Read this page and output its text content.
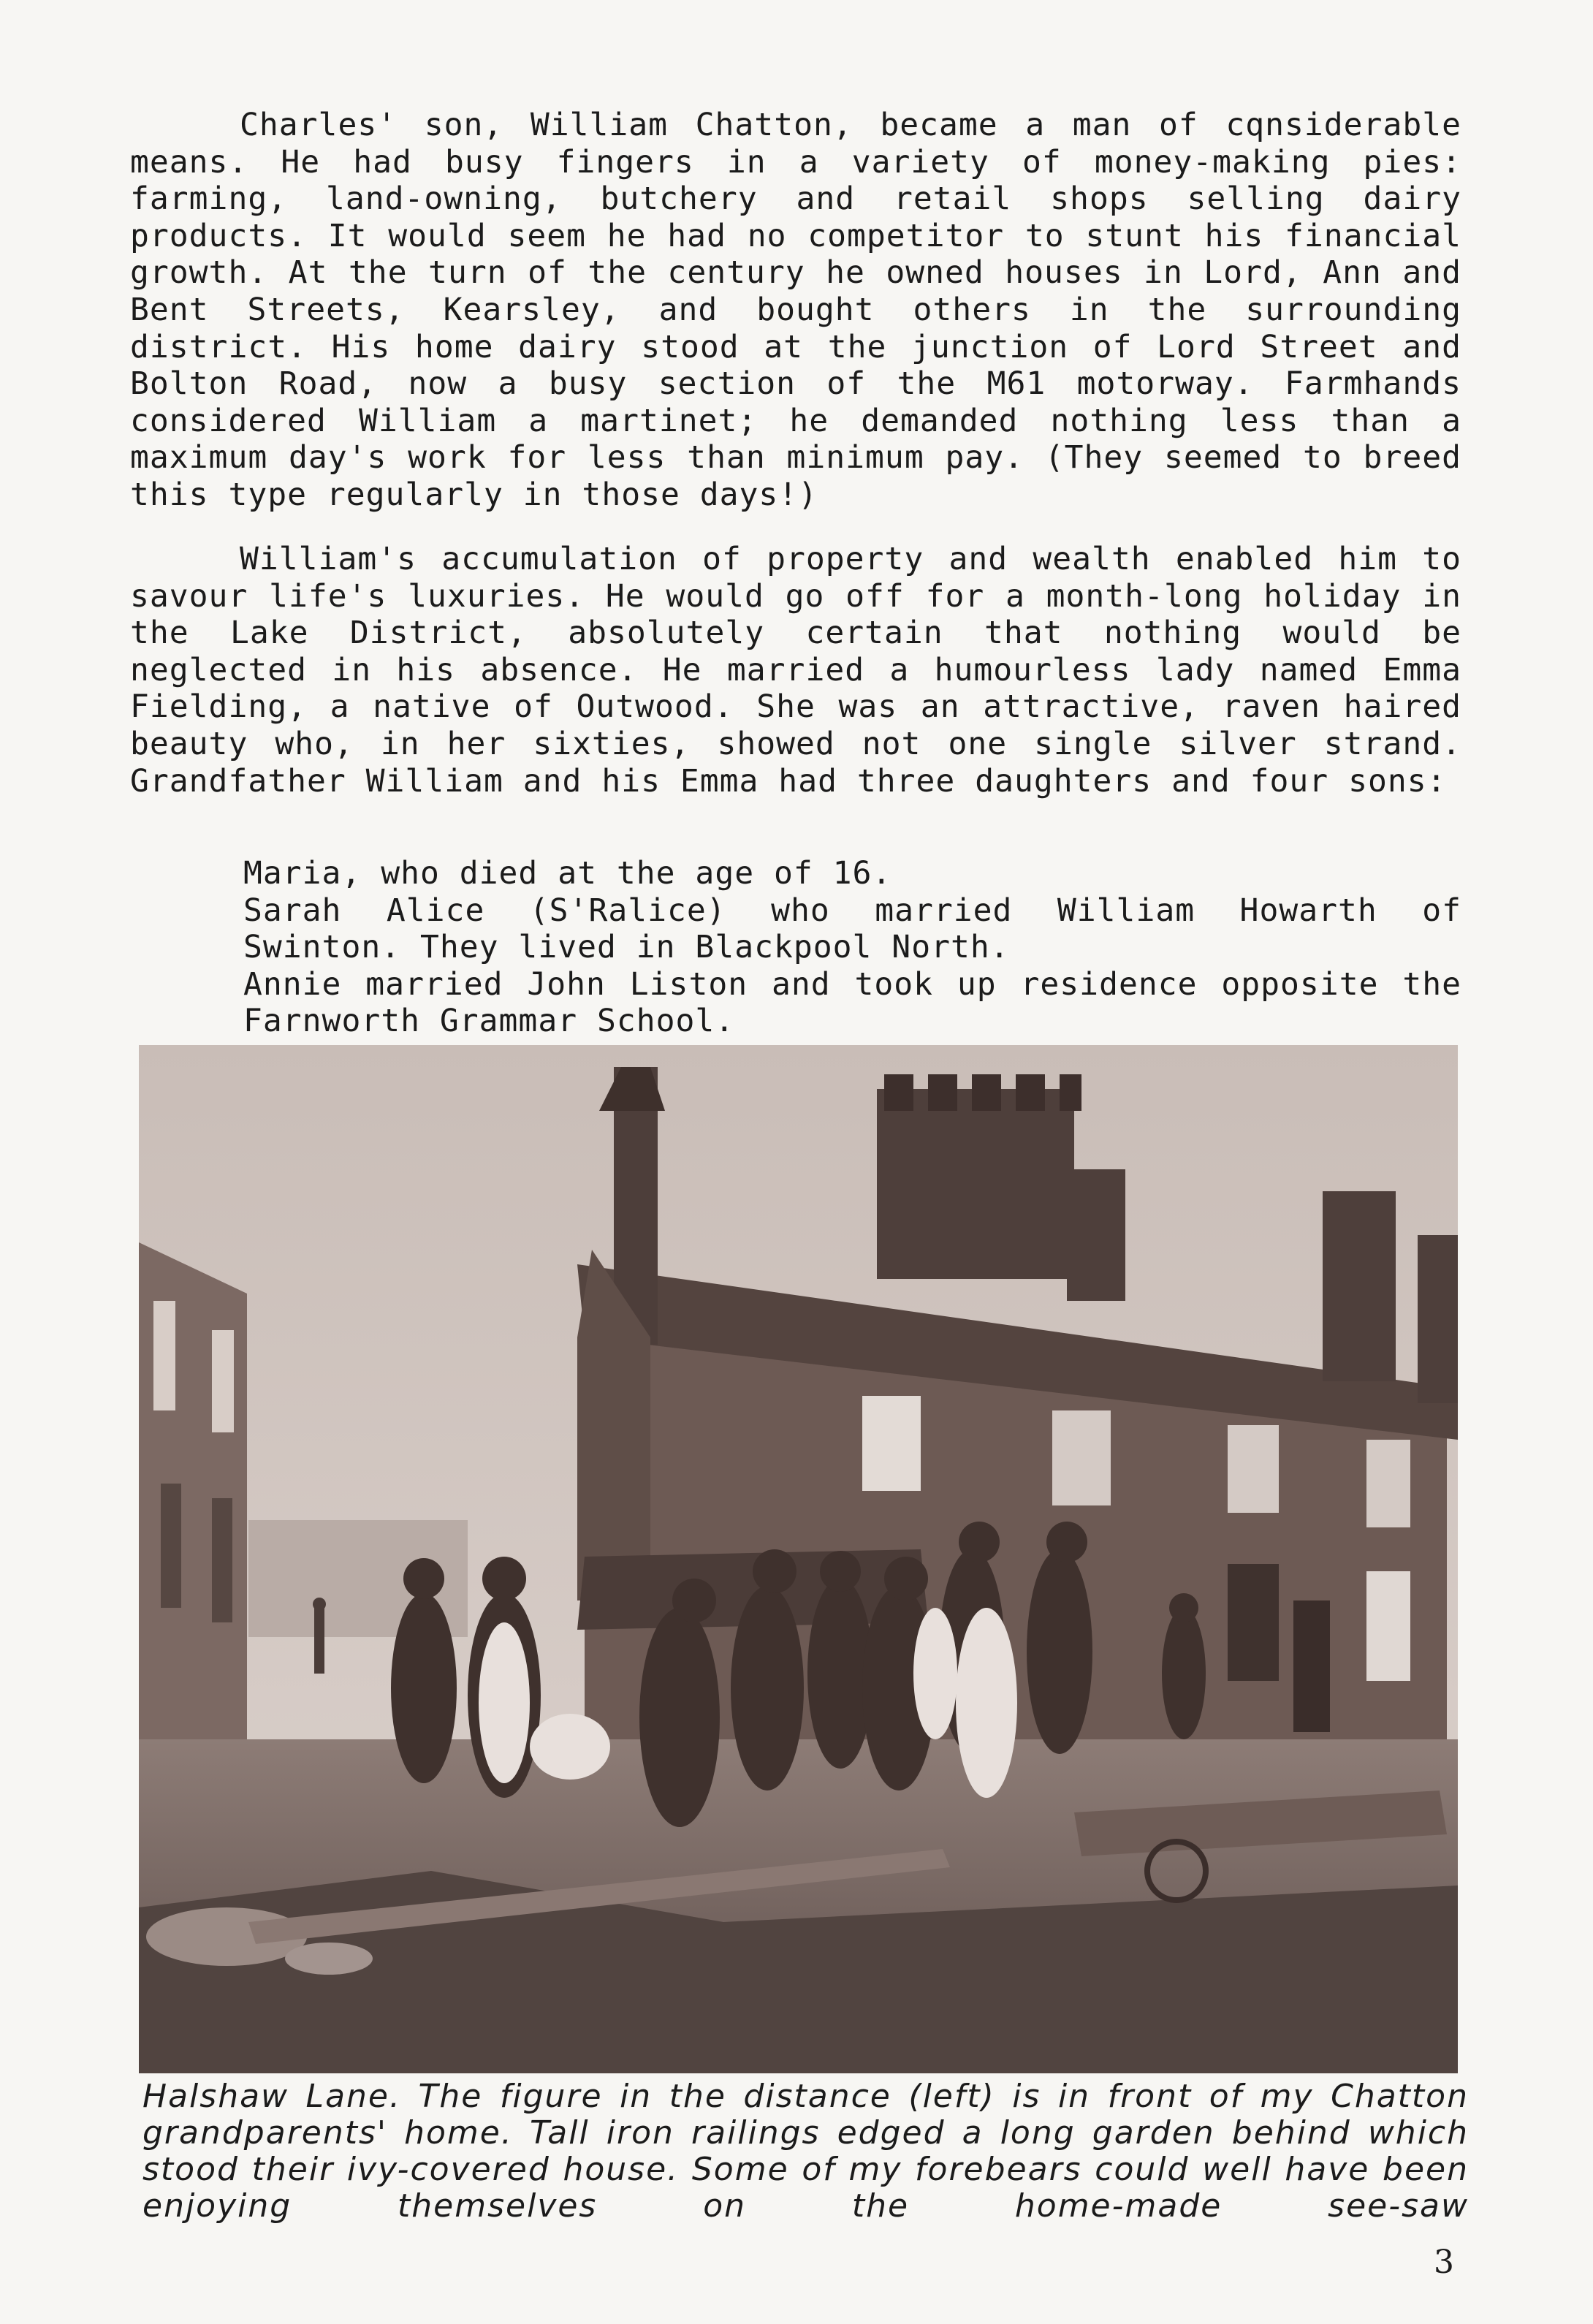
Charles' son, William Chatton, became a man of cqnsiderable means. He had busy fingers in a variety of money-making pies: farming, land-owning, butchery and retail shops selling dairy products. It would seem he had no competitor to stunt his financial growth. At the turn of the century he owned houses in Lord, Ann and Bent Streets, Kearsley, and bought others in the surrounding district. His home dairy stood at the junction of Lord Street and Bolton Road, now a busy section of the M61 motorway. Farmhands considered William a martinet; he demanded nothing less than a maximum day's work for less than minimum pay. (They seemed to breed this type regularly in those days!)

William's accumulation of property and wealth enabled him to savour life's luxuries. He would go off for a month-long holiday in the Lake District, absolutely certain that nothing would be neglected in his absence. He married a humourless lady named Emma Fielding, a native of Outwood. She was an attractive, raven haired beauty who, in her sixties, showed not one single silver strand. Grandfather William and his Emma had three daughters and four sons:

Maria, who died at the age of 16.
Sarah Alice (S'Ralice) who married William Howarth of Swinton. They lived in Blackpool North.
Annie married John Liston and took up residence opposite the Farnworth Grammar School.
Halshaw Lane. The figure in the distance (left) is in front of my Chatton grandparents' home. Tall iron railings edged a long garden behind which stood their ivy-covered house. Some of my forebears could well have been enjoying themselves on the home-made see-saw
3
